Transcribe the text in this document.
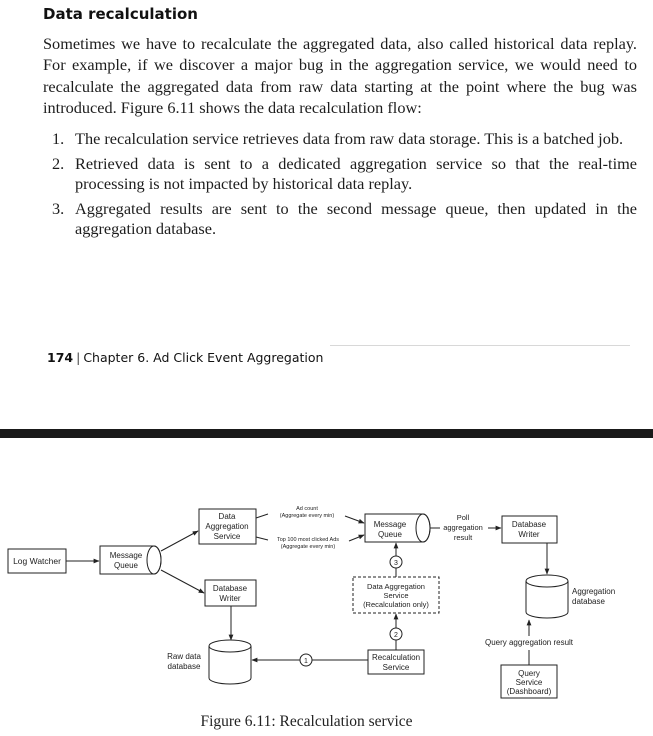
Data recalculation

Sometimes we have to recalculate the aggregated data, also called historical data replay. For example, if we discover a major bug in the aggregation service, we would need to recalculate the aggregated data from raw data starting at the point where the bug was introduced. Figure 6.11 shows the data recalculation flow:

1. The recalculation service retrieves data from raw data storage. This is a batched job.
2. Retrieved data is sent to a dedicated aggregation service so that the real-time processing is not impacted by historical data replay.
3. Aggregated results are sent to the second message queue, then updated in the aggregation database.

174 | Chapter 6. Ad Click Event Aggregation

Log Watcher
Message
Queue
Data
Aggregation
Service
Database
Writer
Raw data
database
Ad count
(Aggregate every min)
Top 100 most clicked Ads
(Aggregate every min)
Message
Queue
Poll
aggregation
result
Database
Writer
Data Aggregation
Service
(Recalculation only)
Recalculation
Service
Query
Service
(Dashboard)
Query aggregation result
1
2
3
Aggregation
database

Figure 6.11: Recalculation service
